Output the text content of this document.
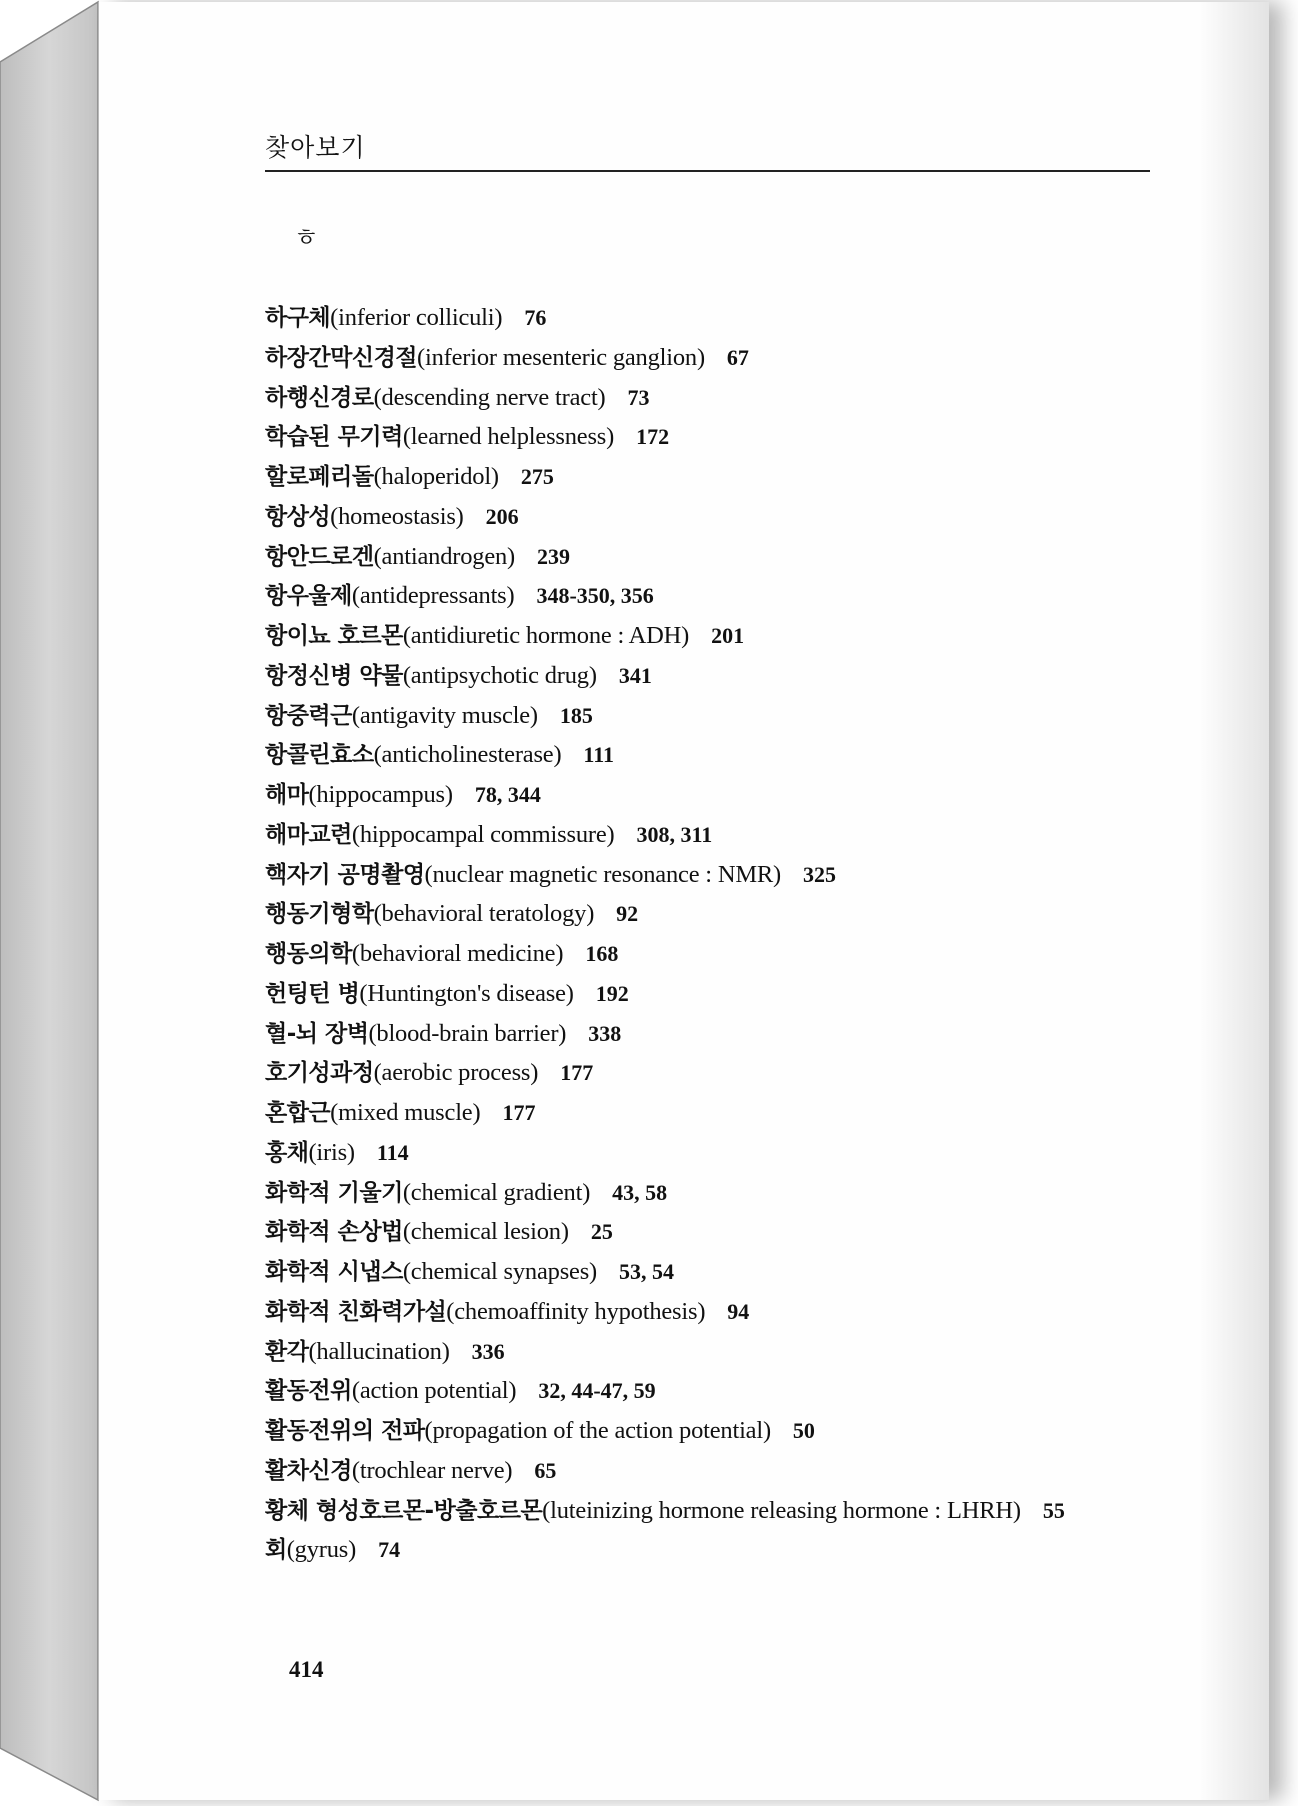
찾아보기
ㅎ
하구체(inferior colliculi) 76
하장간막신경절(inferior mesenteric ganglion) 67
하행신경로(descending nerve tract) 73
학습된 무기력(learned helplessness) 172
할로페리돌(haloperidol) 275
항상성(homeostasis) 206
항안드로겐(antiandrogen) 239
항우울제(antidepressants) 348-350, 356
항이뇨 호르몬(antidiuretic hormone : ADH) 201
항정신병 약물(antipsychotic drug) 341
항중력근(antigavity muscle) 185
항콜린효소(anticholinesterase) 111
해마(hippocampus) 78, 344
해마교련(hippocampal commissure) 308, 311
핵자기 공명촬영(nuclear magnetic resonance : NMR) 325
행동기형학(behavioral teratology) 92
행동의학(behavioral medicine) 168
헌팅턴 병(Huntington's disease) 192
혈-뇌 장벽(blood-brain barrier) 338
호기성과정(aerobic process) 177
혼합근(mixed muscle) 177
홍채(iris) 114
화학적 기울기(chemical gradient) 43, 58
화학적 손상법(chemical lesion) 25
화학적 시냅스(chemical synapses) 53, 54
화학적 친화력가설(chemoaffinity hypothesis) 94
환각(hallucination) 336
활동전위(action potential) 32, 44-47, 59
활동전위의 전파(propagation of the action potential) 50
활차신경(trochlear nerve) 65
황체 형성호르몬-방출호르몬(luteinizing hormone releasing hormone : LHRH) 55
회(gyrus) 74
414
